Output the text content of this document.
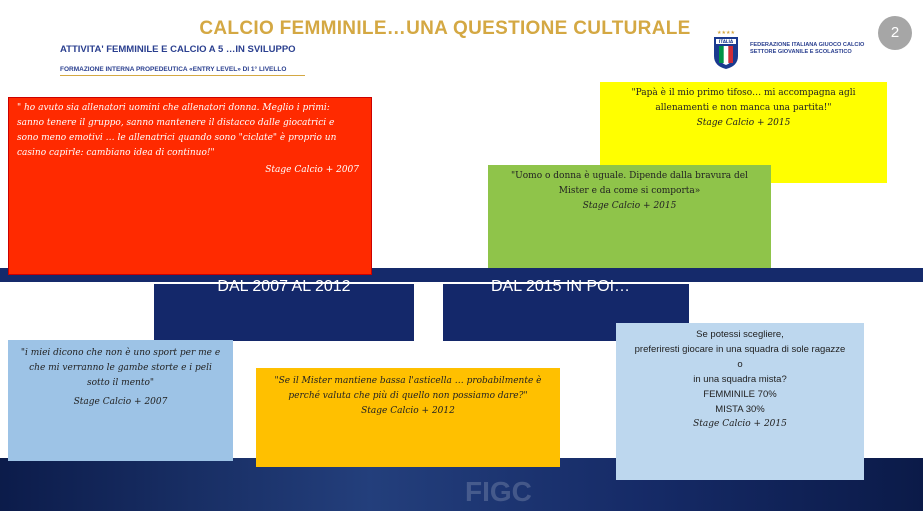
CALCIO FEMMINILE…UNA QUESTIONE CULTURALE
ATTIVITA' FEMMINILE E CALCIO A 5 …IN SVILUPPO
FORMAZIONE INTERNA PROPEDEUTICA «ENTRY LEVEL» DI 1° LIVELLO
2
★★★★
ITALIA
FEDERAZIONE ITALIANA GIUOCO CALCIO
SETTORE GIOVANILE E SCOLASTICO
FIGC
DAL 2007 AL 2012	DAL 2015 IN POI…
" ho avuto sia allenatori uomini che allenatori donna. Meglio i primi:
sanno tenere il gruppo, sanno mantenere il distacco dalle giocatrici e
sono meno emotivi … le allenatrici quando sono "ciclate" è proprio un
casino capirle: cambiano idea di continuo!"
Stage Calcio + 2007
"Papà è il mio primo tifoso… mi accompagna agli
allenamenti e non manca una partita!"
Stage Calcio + 2015
"Uomo o donna è uguale. Dipende dalla bravura del
Mister e da come si comporta»
Stage Calcio + 2015
"i miei dicono che non è uno sport per me e
che mi verranno le gambe storte e i peli
sotto il mento"
Stage Calcio + 2007
"Se il Mister mantiene bassa l'asticella … probabilmente è
perché valuta che più di quello non possiamo dare?"
Stage Calcio + 2012
Se potessi scegliere,
preferiresti giocare in una squadra di sole ragazze
o
in una squadra mista?
FEMMINILE 70%
MISTA 30%
Stage Calcio + 2015
